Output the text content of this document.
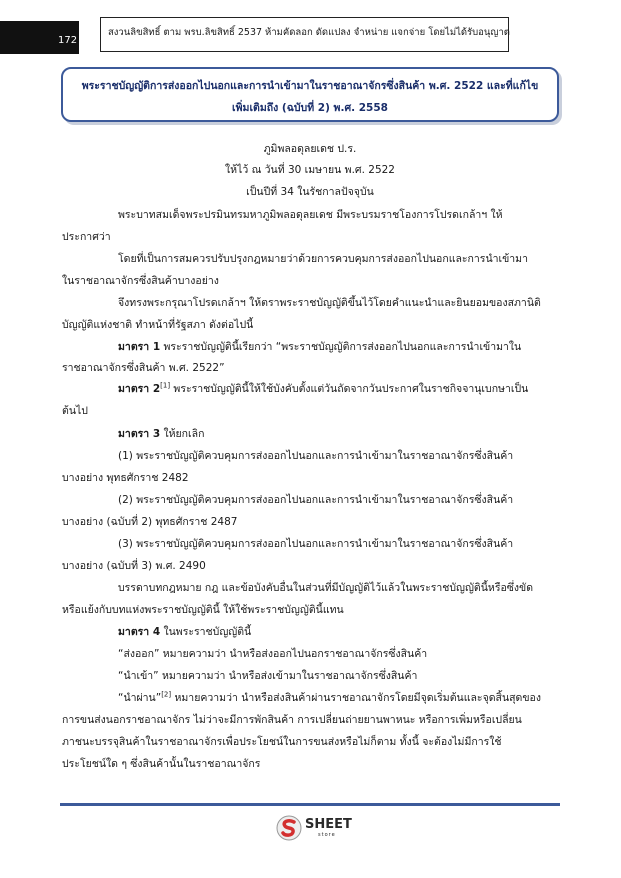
172
สงวนลิขสิทธิ์ ตาม พรบ.ลิขสิทธิ์ 2537 ห้ามคัดลอก ดัดแปลง จำหน่าย แจกจ่าย โดยไม่ได้รับอนุญาต
พระราชบัญญัติการส่งออกไปนอกและการนำเข้ามาในราชอาณาจักรซึ่งสินค้า พ.ศ. 2522 และที่แก้ไข
เพิ่มเติมถึง (ฉบับที่ 2) พ.ศ. 2558
ภูมิพลอดุลยเดช ป.ร.
ให้ไว้ ณ วันที่ 30 เมษายน พ.ศ. 2522
เป็นปีที่ 34 ในรัชกาลปัจจุบัน
พระบาทสมเด็จพระปรมินทรมหาภูมิพลอดุลยเดช มีพระบรมราชโองการโปรดเกล้าฯ ให้
ประกาศว่า
โดยที่เป็นการสมควรปรับปรุงกฎหมายว่าด้วยการควบคุมการส่งออกไปนอกและการนำเข้ามา
ในราชอาณาจักรซึ่งสินค้าบางอย่าง
จึงทรงพระกรุณาโปรดเกล้าฯ ให้ตราพระราชบัญญัติขึ้นไว้โดยคำแนะนำและยินยอมของสภานิติ
บัญญัติแห่งชาติ ทำหน้าที่รัฐสภา ดังต่อไปนี้
มาตรา 1 พระราชบัญญัตินี้เรียกว่า “พระราชบัญญัติการส่งออกไปนอกและการนำเข้ามาใน
ราชอาณาจักรซึ่งสินค้า พ.ศ. 2522”
มาตรา 2[1] พระราชบัญญัตินี้ให้ใช้บังคับตั้งแต่วันถัดจากวันประกาศในราชกิจจานุเบกษาเป็น
ต้นไป
มาตรา 3 ให้ยกเลิก
(1) พระราชบัญญัติควบคุมการส่งออกไปนอกและการนำเข้ามาในราชอาณาจักรซึ่งสินค้า
บางอย่าง พุทธศักราช 2482
(2) พระราชบัญญัติควบคุมการส่งออกไปนอกและการนำเข้ามาในราชอาณาจักรซึ่งสินค้า
บางอย่าง (ฉบับที่ 2) พุทธศักราช 2487
(3) พระราชบัญญัติควบคุมการส่งออกไปนอกและการนำเข้ามาในราชอาณาจักรซึ่งสินค้า
บางอย่าง (ฉบับที่ 3) พ.ศ. 2490
บรรดาบทกฎหมาย กฎ และข้อบังคับอื่นในส่วนที่มีบัญญัติไว้แล้วในพระราชบัญญัตินี้หรือซึ่งขัด
หรือแย้งกับบทแห่งพระราชบัญญัตินี้ ให้ใช้พระราชบัญญัตินี้แทน
มาตรา 4 ในพระราชบัญญัตินี้
“ส่งออก” หมายความว่า นำหรือส่งออกไปนอกราชอาณาจักรซึ่งสินค้า
“นำเข้า” หมายความว่า นำหรือส่งเข้ามาในราชอาณาจักรซึ่งสินค้า
“นำผ่าน”[2] หมายความว่า นำหรือส่งสินค้าผ่านราชอาณาจักรโดยมีจุดเริ่มต้นและจุดสิ้นสุดของ
การขนส่งนอกราชอาณาจักร ไม่ว่าจะมีการพักสินค้า การเปลี่ยนถ่ายยานพาหนะ หรือการเพิ่มหรือเปลี่ยน
ภาชนะบรรจุสินค้าในราชอาณาจักรเพื่อประโยชน์ในการขนส่งหรือไม่ก็ตาม ทั้งนี้ จะต้องไม่มีการใช้
ประโยชน์ใด ๆ ซึ่งสินค้านั้นในราชอาณาจักร
SHEET
store
